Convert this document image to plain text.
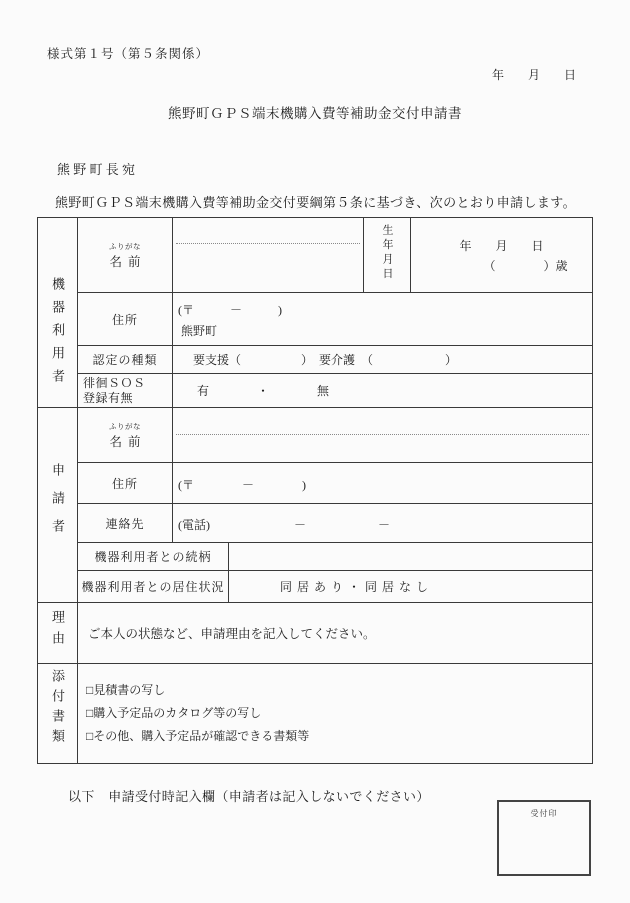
様式第１号（第５条関係）
年　　月　　日
熊野町ＧＰＳ端末機購入費等補助金交付申請書
熊 野 町 長 宛
熊野町ＧＰＳ端末機購入費等補助金交付要綱第５条に基づき、次のとおり申請します。
機器利用者	
ふりがな
名前		生年月日	年　　月　　日
（　　　　）歳

	住所	(〒　　　－　　　)
熊野町			

	認定の種類	要支援（　　　　　）　要介護　（　　　　　　）			

	徘徊ＳＯＳ
登録有無	有　　　　・　　　　無			
申請者	ふりがな
名前				

	住所	(〒　　　　－　　　　)			

	連絡先	(電話)　　　　　　　－　　　　　　－			
	機器利用者との続柄				
	機器利用者との居住状況		同 居 あ り ・ 同 居 な し		
理由	ご本人の状態など、申請理由を記入してください。				
添付書類	□見積書の写し
□購入予定品のカタログ等の写し
□その他、購入予定品が確認できる書類等				
以下　申請受付時記入欄（申請者は記入しないでください）
受付印
